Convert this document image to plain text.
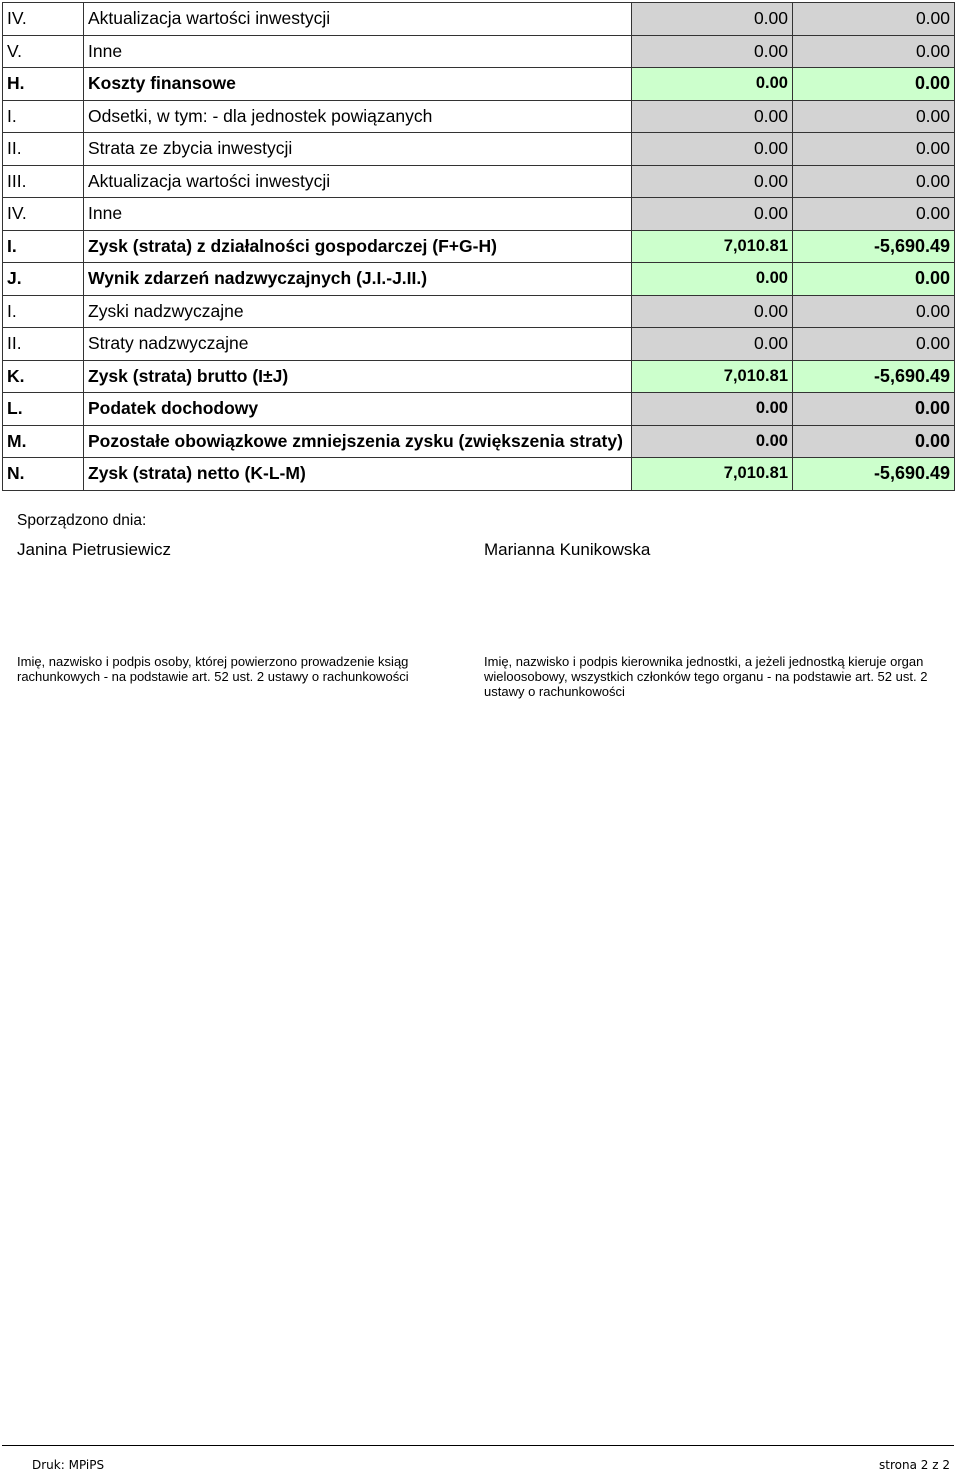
IV.	Aktualizacja wartości inwestycji	0.00	0.00
V.	Inne	0.00	0.00
H.	Koszty finansowe	0.00	0.00
I.	Odsetki, w tym: - dla jednostek powiązanych	0.00	0.00
II.	Strata ze zbycia inwestycji	0.00	0.00
III.	Aktualizacja wartości inwestycji	0.00	0.00
IV.	Inne	0.00	0.00
I.	Zysk (strata) z działalności gospodarczej (F+G-H)	7,010.81	-5,690.49
J.	Wynik zdarzeń nadzwyczajnych (J.I.-J.II.)	0.00	0.00
I.	Zyski nadzwyczajne	0.00	0.00
II.	Straty nadzwyczajne	0.00	0.00
K.	Zysk (strata) brutto (I±J)	7,010.81	-5,690.49
L.	Podatek dochodowy	0.00	0.00
M.	Pozostałe obowiązkowe zmniejszenia zysku (zwiększenia straty)	0.00	0.00
N.	Zysk (strata) netto (K-L-M)	7,010.81	-5,690.49
Sporządzono dnia:
Janina Pietrusiewicz	Marianna Kunikowska
Imię, nazwisko i podpis osoby, której powierzono prowadzenie ksiąg rachunkowych - na podstawie art. 52 ust. 2 ustawy o rachunkowości
Imię, nazwisko i podpis kierownika jednostki, a jeżeli jednostką kieruje organ wieloosobowy, wszystkich członków tego organu - na podstawie art. 52 ust. 2 ustawy o rachunkowości
Druk: MPiPS	strona 2 z 2
